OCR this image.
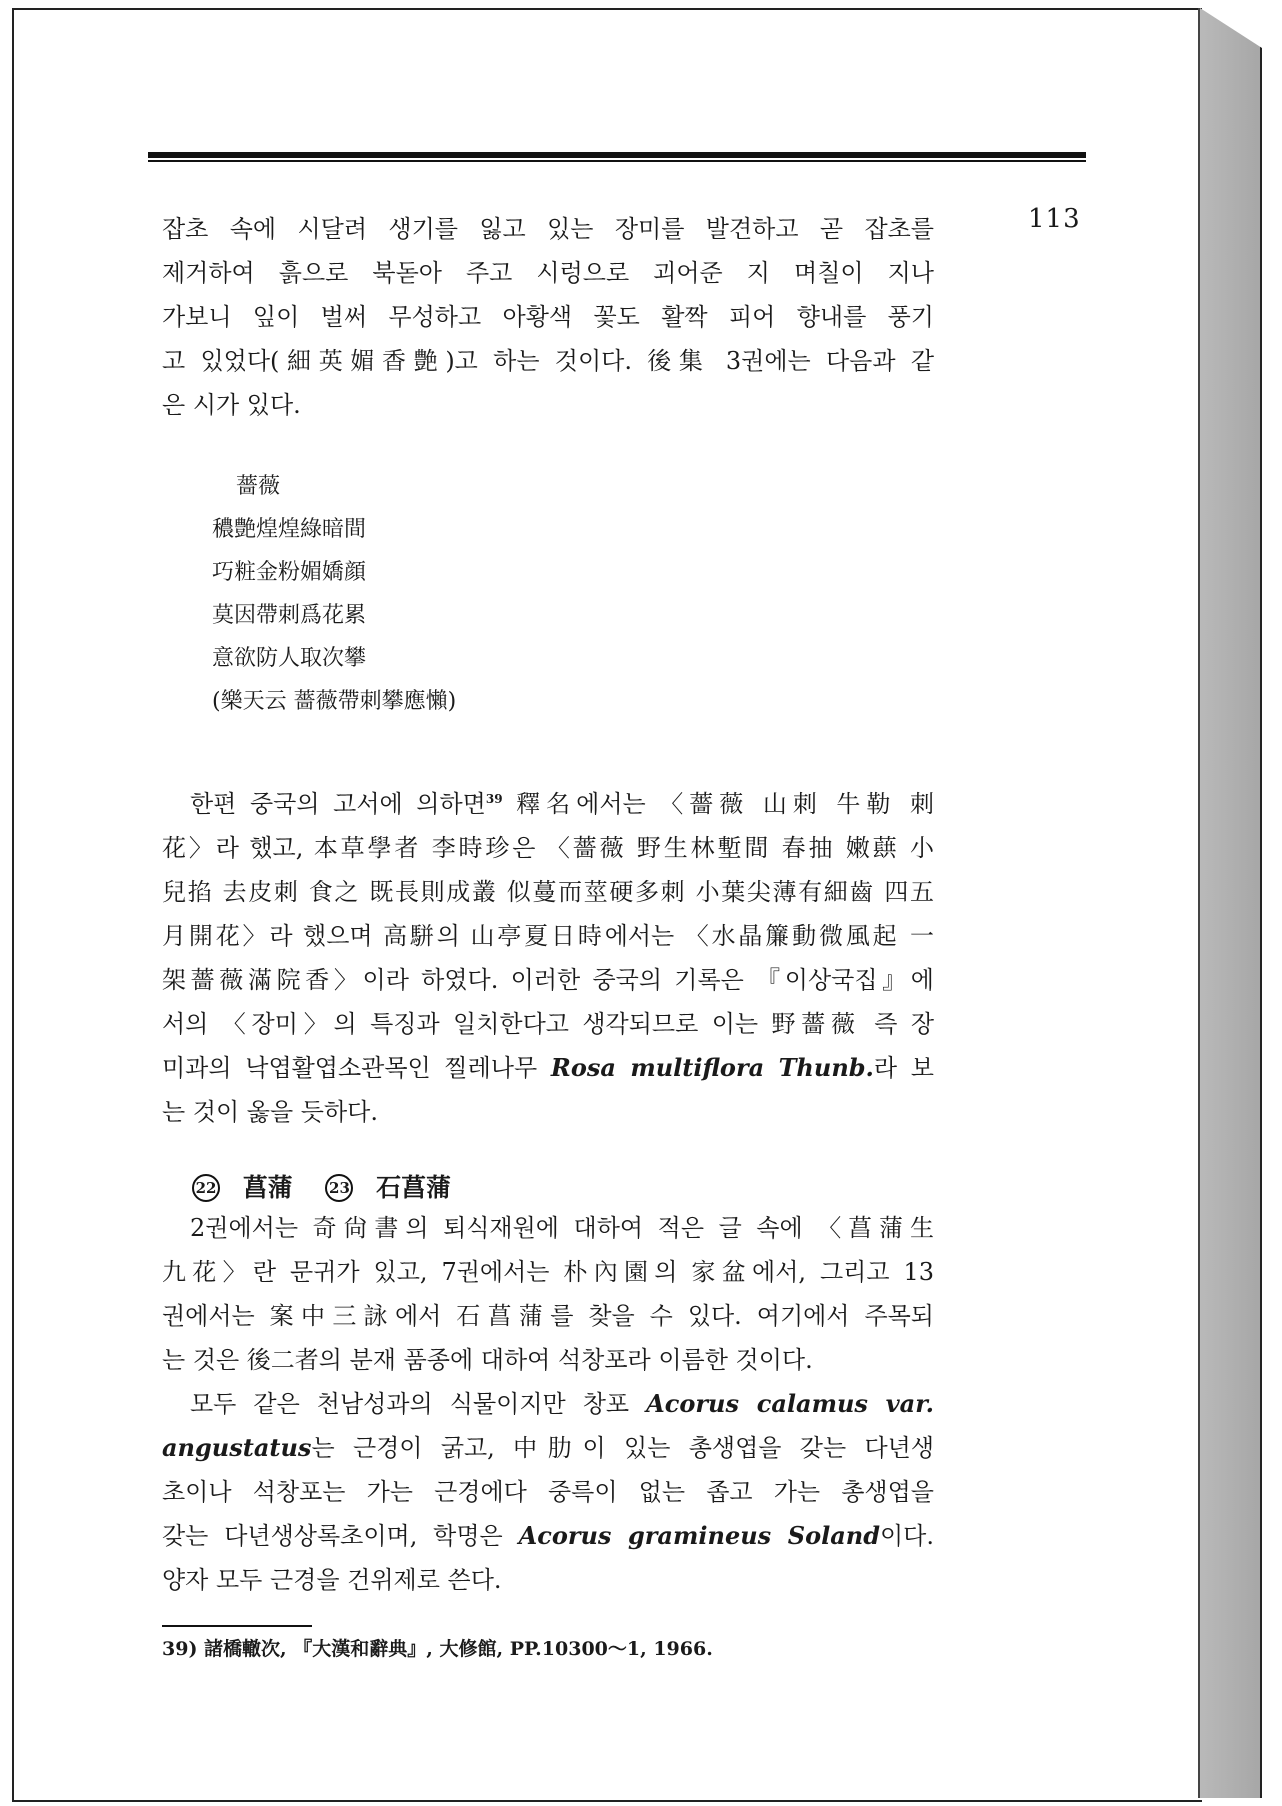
113

잡초 속에 시달려 생기를 잃고 있는 장미를 발견하고 곧 잡초를

제거하여 흙으로 북돋아 주고 시렁으로 괴어준 지 며칠이 지나

가보니 잎이 벌써 무성하고 아황색 꽃도 활짝 피어 향내를 풍기

고 있었다(細英媚香艶)고 하는 것이다. 後集 3권에는 다음과 같

은 시가 있다.

薔薇
穠艶煌煌綠暗間
巧粧金粉媚嬌顔
莫因帶刺爲花累
意欲防人取次攀
(樂天云 薔薇帶刺攀應懶)

한편 중국의 고서에 의하면$^{39}$ 釋名에서는 〈薔薇 山刺 牛勒 刺

花〉라 했고, 本草學者 李時珍은 〈薔薇 野生林塹間 春抽 嫩蕻 小

兒掐 去皮刺 食之 既長則成叢 似蔓而莖硬多刺 小葉尖薄有細齒 四五

月開花〉라 했으며 高駢의 山亭夏日時에서는 〈水晶簾動微風起 一

架薔薇滿院香〉이라 하였다. 이러한 중국의 기록은 『이상국집』에

서의 〈장미〉의 특징과 일치한다고 생각되므로 이는 野薔薇 즉 장

미과의 낙엽활엽소관목인 찔레나무 Rosa multiflora Thunb.라 보

는 것이 옳을 듯하다.

22 菖蒲 23 石菖蒲

2권에서는 奇尙書의 퇴식재원에 대하여 적은 글 속에 〈菖蒲生

九花〉란 문귀가 있고, 7권에서는 朴內園의 家盆에서, 그리고 13

권에서는 案中三詠에서 石菖蒲를 찾을 수 있다. 여기에서 주목되

는 것은 後二者의 분재 품종에 대하여 석창포라 이름한 것이다.

모두 같은 천남성과의 식물이지만 창포 Acorus calamus var.

angustatus는 근경이 굵고, 中肋이 있는 총생엽을 갖는 다년생

초이나 석창포는 가는 근경에다 중륵이 없는 좁고 가는 총생엽을

갖는 다년생상록초이며, 학명은 Acorus gramineus Soland이다.

양자 모두 근경을 건위제로 쓴다.

39) 諸橋轍次, 『大漢和辭典』, 大修館, PP.10300～1, 1966.
